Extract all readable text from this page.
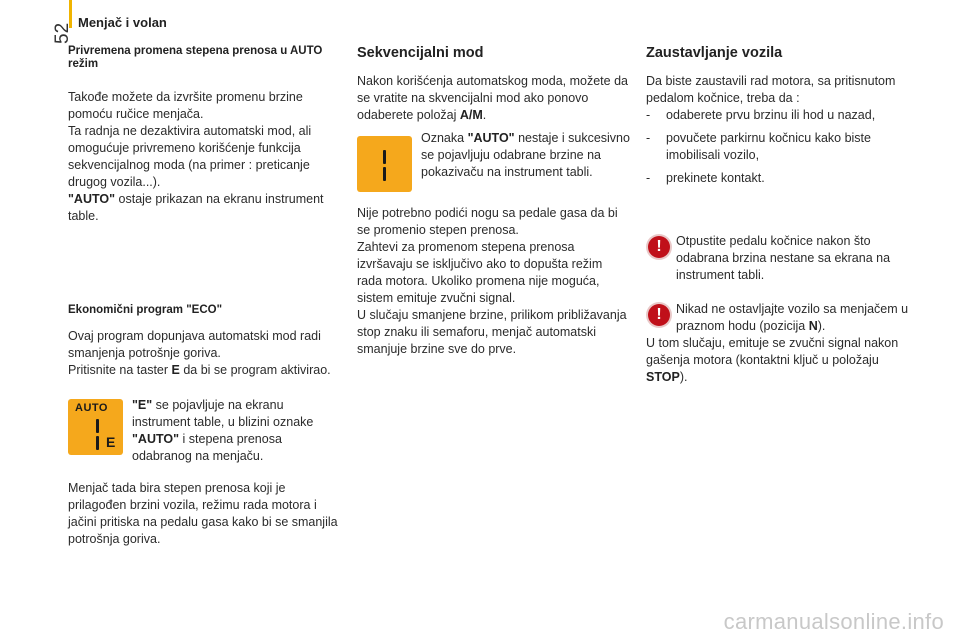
Menjač i volan
52

Privremena promena stepena prenosa u AUTO režim

Takođe možete da izvršite promenu brzine pomoću ručice menjača.

Ta radnja ne dezaktivira automatski mod, ali omogućuje privremeno korišćenje funkcija sekvencijalnog moda (na primer : preticanje drugog vozila...).

"AUTO" ostaje prikazan na ekranu instrument table.

Ekonomični program "ECO"

Ovaj program dopunjava automatski mod radi smanjenja potrošnje goriva.

Pritisnite na taster E da bi se program aktivirao.

AUTO
E

"E" se pojavljuje na ekranu instrument table, u blizini oznake "AUTO" i stepena prenosa odabranog na menjaču.

Menjač tada bira stepen prenosa koji je prilagođen brzini vozila, režimu rada motora i jačini pritiska na pedalu gasa kako bi se smanjila potrošnja goriva.

Sekvencijalni mod

Nakon korišćenja automatskog moda, možete da se vratite na skvencijalni mod ako ponovo odaberete položaj A/M.

Oznaka "AUTO" nestaje i sukcesivno se pojavljuju odabrane brzine na pokazivaču na instrument tabli.

Nije potrebno podići nogu sa pedale gasa da bi se promenio stepen prenosa.

Zahtevi za promenom stepena prenosa izvršavaju se isključivo ako to dopušta režim rada motora. Ukoliko promena nije moguća, sistem emituje zvučni signal.

U slučaju smanjene brzine, prilikom približavanja stop znaku ili semaforu, menjač automatski smanjuje brzine sve do prve.

Zaustavljanje vozila

Da biste zaustavili rad motora, sa pritisnutom pedalom kočnice, treba da :

- odaberete prvu brzinu ili hod u nazad,

- povučete parkirnu kočnicu kako biste imobilisali vozilo,

- prekinete kontakt.

!	Otpustite pedalu kočnice nakon što odabrana brzina nestane sa ekrana na instrument tabli.

!	Nikad ne ostavljajte vozilo sa menjačem u praznom hodu (pozicija N).

U tom slučaju, emituje se zvučni signal nakon gašenja motora (kontaktni ključ u položaju STOP).

carmanualsonline.info
